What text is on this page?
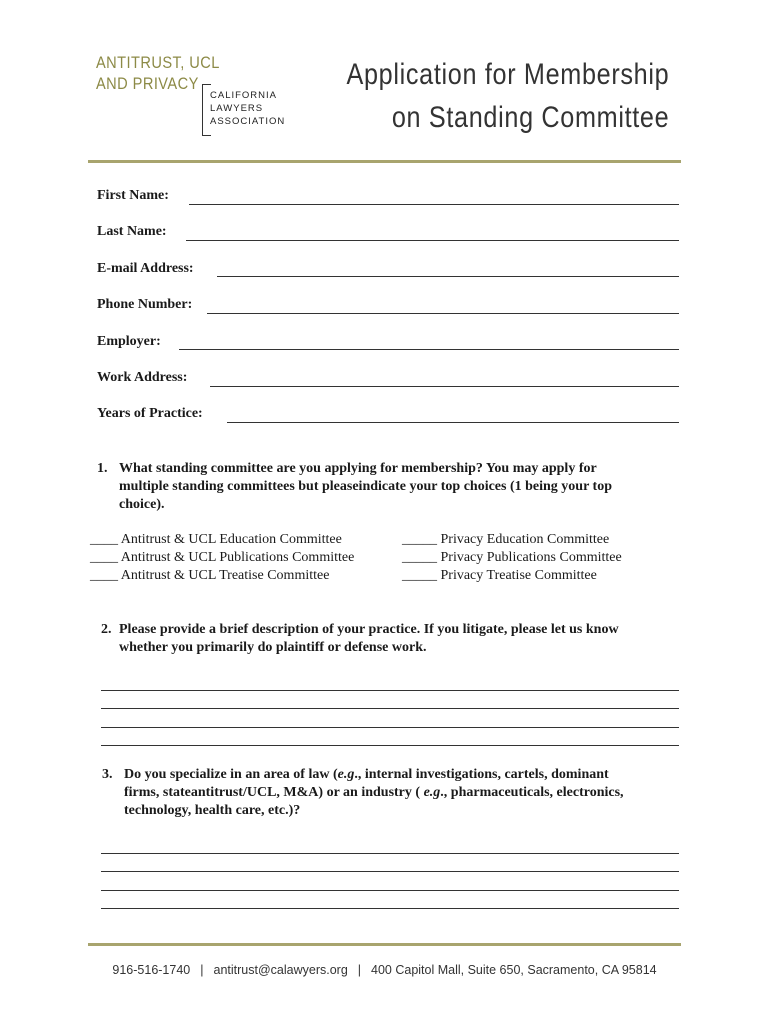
ANTITRUST, UCL
AND PRIVACY
CALIFORNIA
LAWYERS
ASSOCIATION
Application for Membership
on Standing Committee
First Name:
Last Name:
E-mail Address:
Phone Number:
Employer:
Work Address:
Years of Practice:
1. What standing committee are you applying for membership? You may apply for
multiple standing committees but pleaseindicate your top choices (1 being your top
choice).
____ Antitrust & UCL Education Committee
____ Antitrust & UCL Publications Committee
____ Antitrust & UCL Treatise Committee
_____ Privacy Education Committee
_____ Privacy Publications Committee
_____ Privacy Treatise Committee
2. Please provide a brief description of your practice. If you litigate, please let us know
whether you primarily do plaintiff or defense work.
3. Do you specialize in an area of law (e.g., internal investigations, cartels, dominant
firms, stateantitrust/UCL, M&A) or an industry ( e.g., pharmaceuticals, electronics,
technology, health care, etc.)?
916-516-1740 | antitrust@calawyers.org | 400 Capitol Mall, Suite 650, Sacramento, CA 95814
